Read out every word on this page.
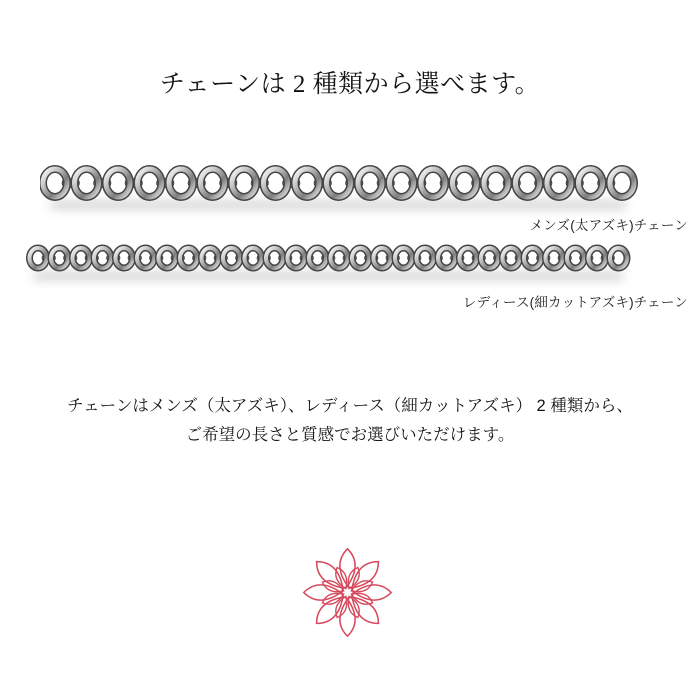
チェーンは 2 種類から選べます。
メンズ(太アズキ)チェーン
レディース(細カットアズキ)チェーン
チェーンはメンズ（太アズキ）、レディース（細カットアズキ） 2 種類から、
ご希望の長さと質感でお選びいただけます。
